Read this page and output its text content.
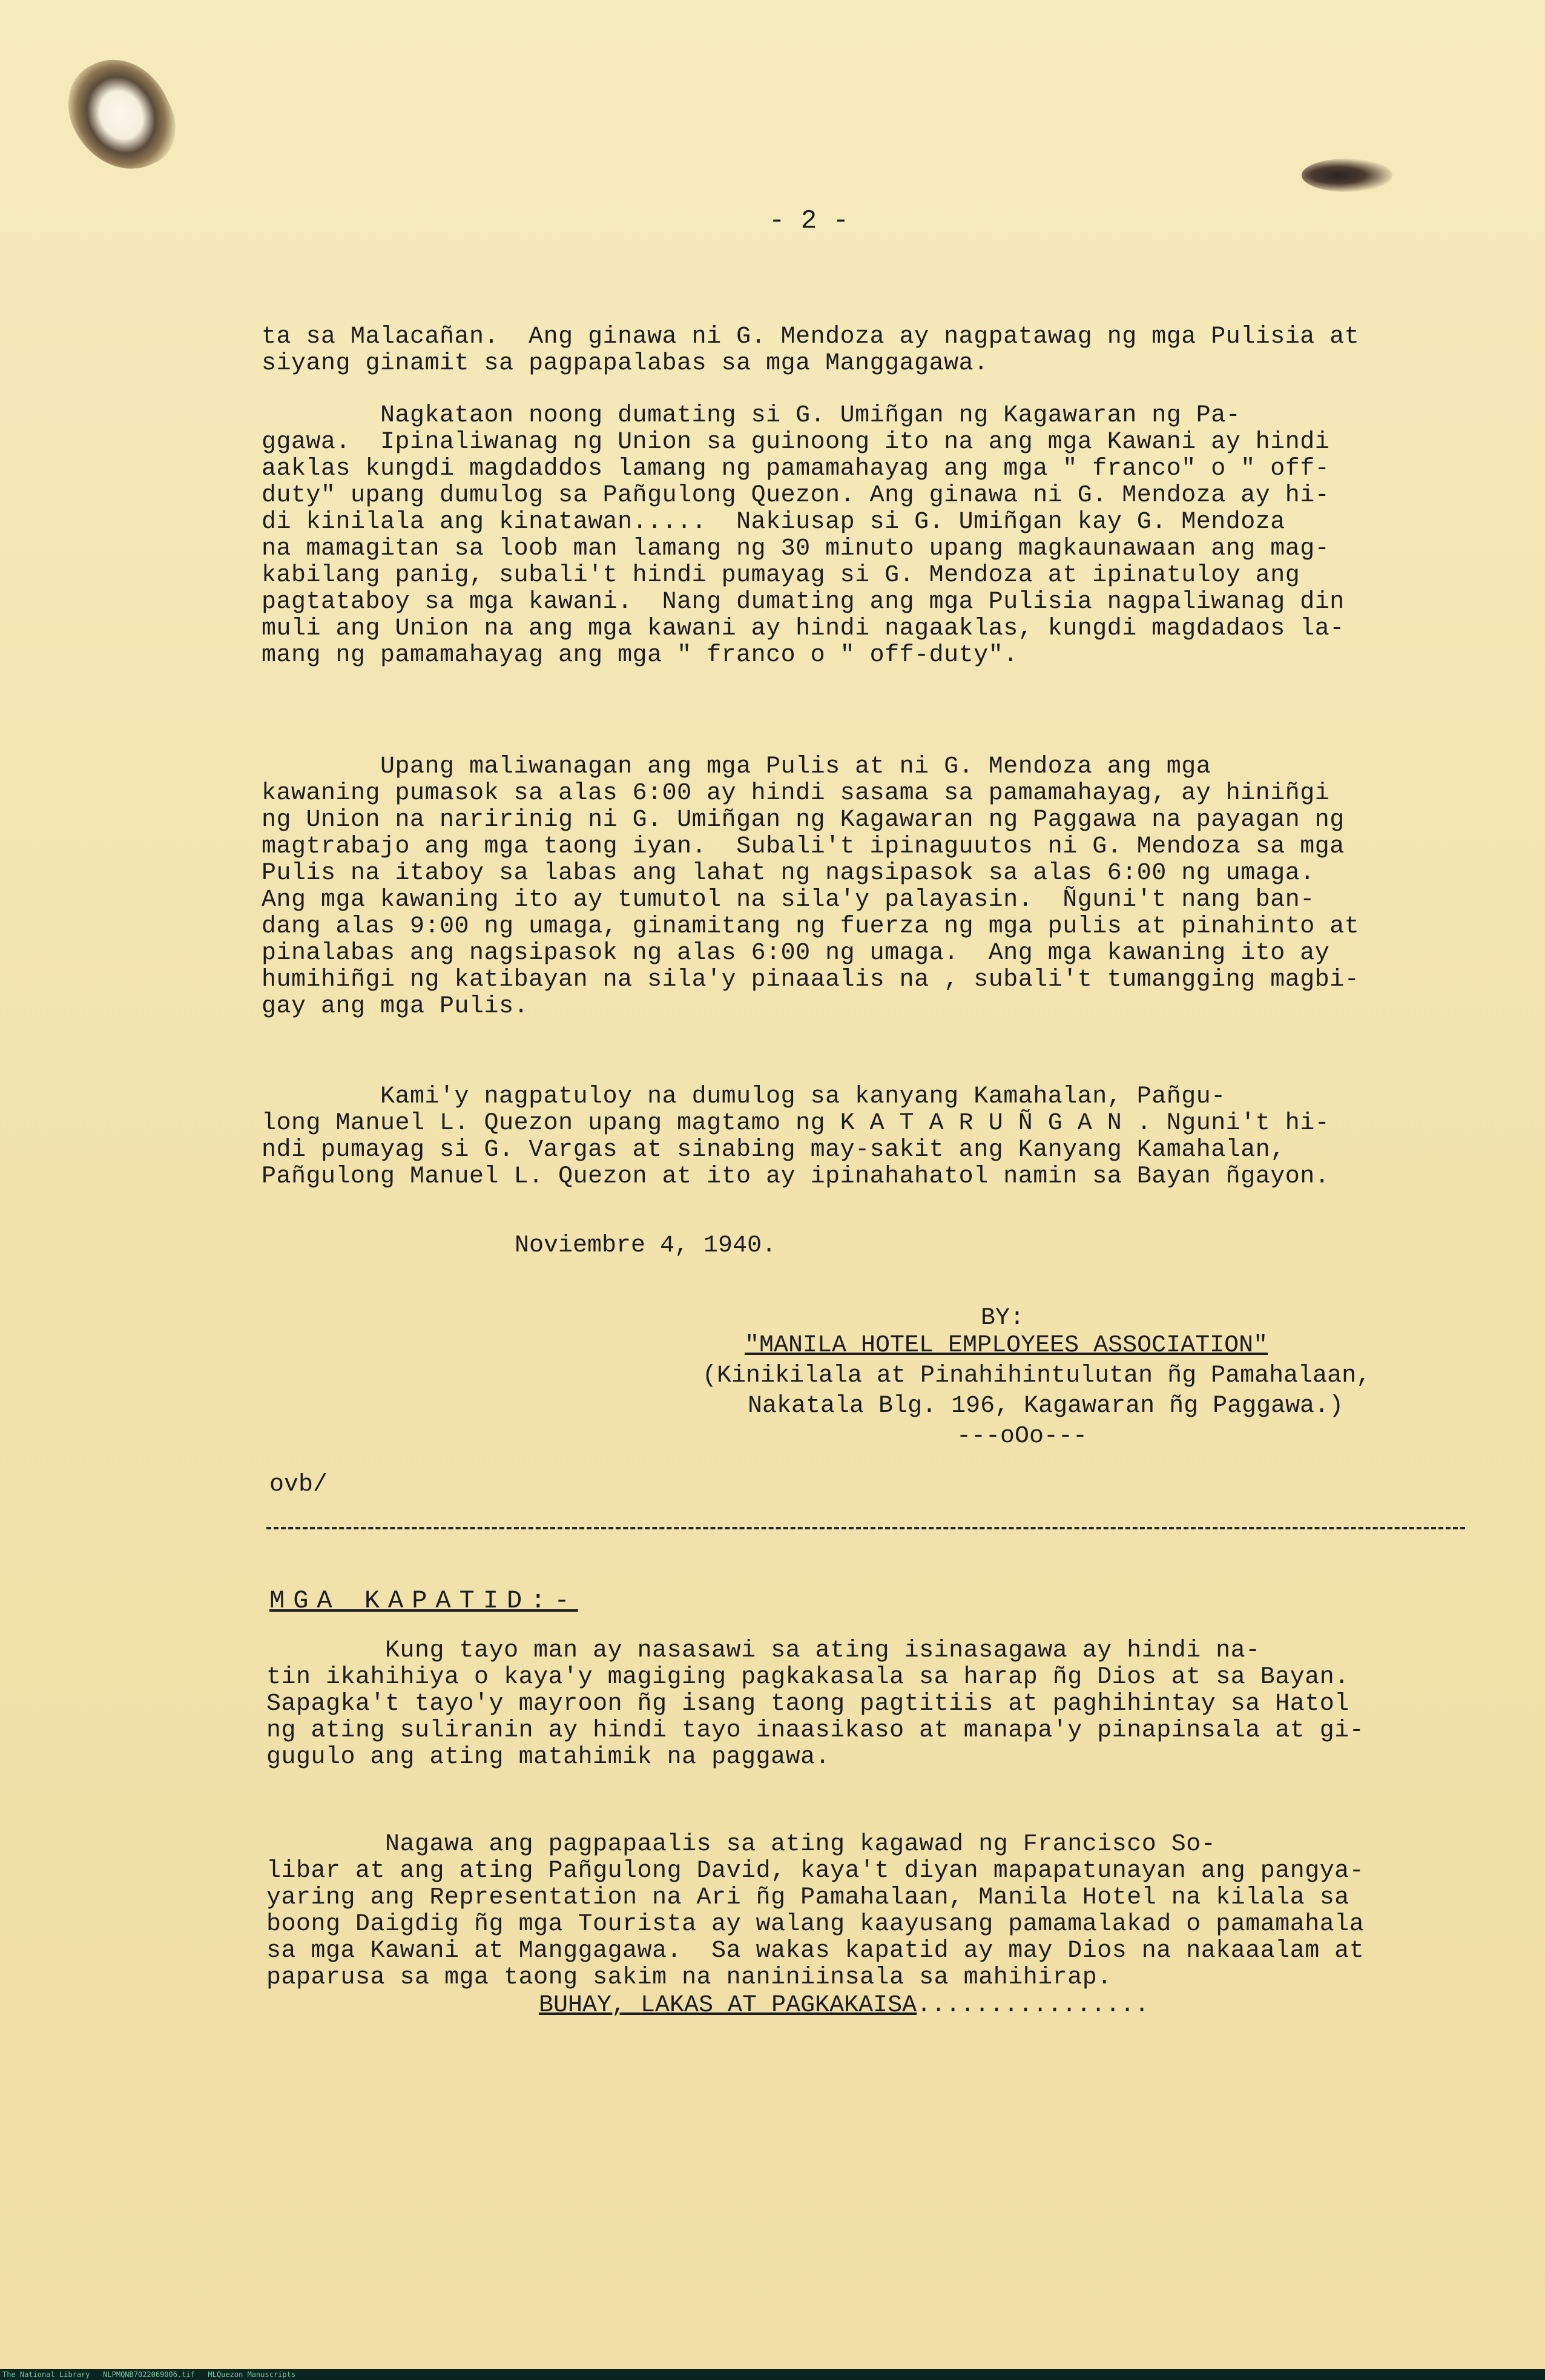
- 2 -
ta sa Malacañan.  Ang ginawa ni G. Mendoza ay nagpatawag ng mga Pulisia at
siyang ginamit sa pagpapalabas sa mga Manggagawa.
Nagkataon noong dumating si G. Umiñgan ng Kagawaran ng Pa-
ggawa.  Ipinaliwanag ng Union sa guinoong ito na ang mga Kawani ay hindi
aaklas kungdi magdaddos lamang ng pamamahayag ang mga " franco" o " off-
duty" upang dumulog sa Pañgulong Quezon. Ang ginawa ni G. Mendoza ay hi-
di kinilala ang kinatawan.....  Nakiusap si G. Umiñgan kay G. Mendoza
na mamagitan sa loob man lamang ng 30 minuto upang magkaunawaan ang mag-
kabilang panig, subali't hindi pumayag si G. Mendoza at ipinatuloy ang
pagtataboy sa mga kawani.  Nang dumating ang mga Pulisia nagpaliwanag din
muli ang Union na ang mga kawani ay hindi nagaaklas, kungdi magdadaos la-
mang ng pamamahayag ang mga " franco o " off-duty".
Upang maliwanagan ang mga Pulis at ni G. Mendoza ang mga
kawaning pumasok sa alas 6:00 ay hindi sasama sa pamamahayag, ay hiniñgi
ng Union na naririnig ni G. Umiñgan ng Kagawaran ng Paggawa na payagan ng
magtrabajo ang mga taong iyan.  Subali't ipinaguutos ni G. Mendoza sa mga
Pulis na itaboy sa labas ang lahat ng nagsipasok sa alas 6:00 ng umaga.
Ang mga kawaning ito ay tumutol na sila'y palayasin.  Ñguni't nang ban-
dang alas 9:00 ng umaga, ginamitang ng fuerza ng mga pulis at pinahinto at
pinalabas ang nagsipasok ng alas 6:00 ng umaga.  Ang mga kawaning ito ay
humihiñgi ng katibayan na sila'y pinaaalis na , subali't tumangging magbi-
gay ang mga Pulis.
Kami'y nagpatuloy na dumulog sa kanyang Kamahalan, Pañgu-
long Manuel L. Quezon upang magtamo ng K A T A R U Ñ G A N . Nguni't hi-
ndi pumayag si G. Vargas at sinabing may-sakit ang Kanyang Kamahalan,
Pañgulong Manuel L. Quezon at ito ay ipinahahatol namin sa Bayan ñgayon.
Noviembre 4, 1940.
BY:
"MANILA HOTEL EMPLOYEES ASSOCIATION"
(Kinikilala at Pinahihintulutan ñg Pamahalaan,
Nakatala Blg. 196, Kagawaran ñg Paggawa.)
---oOo---
ovb/
MGA KAPATID:-
Kung tayo man ay nasasawi sa ating isinasagawa ay hindi na-
tin ikahihiya o kaya'y magiging pagkakasala sa harap ñg Dios at sa Bayan.
Sapagka't tayo'y mayroon ñg isang taong pagtitiis at paghihintay sa Hatol
ng ating suliranin ay hindi tayo inaasikaso at manapa'y pinapinsala at gi-
gugulo ang ating matahimik na paggawa.
Nagawa ang pagpapaalis sa ating kagawad ng Francisco So-
libar at ang ating Pañgulong David, kaya't diyan mapapatunayan ang pangya-
yaring ang Representation na Ari ñg Pamahalaan, Manila Hotel na kilala sa
boong Daigdig ñg mga Tourista ay walang kaayusang pamamalakad o pamamahala
sa mga Kawani at Manggagawa.  Sa wakas kapatid ay may Dios na nakaaalam at
paparusa sa mga taong sakim na naniniinsala sa mahihirap.
BUHAY, LAKAS AT PAGKAKAISA................
The National Library   NLPMQNB7022069006.tif   MLQuezon Manuscripts
